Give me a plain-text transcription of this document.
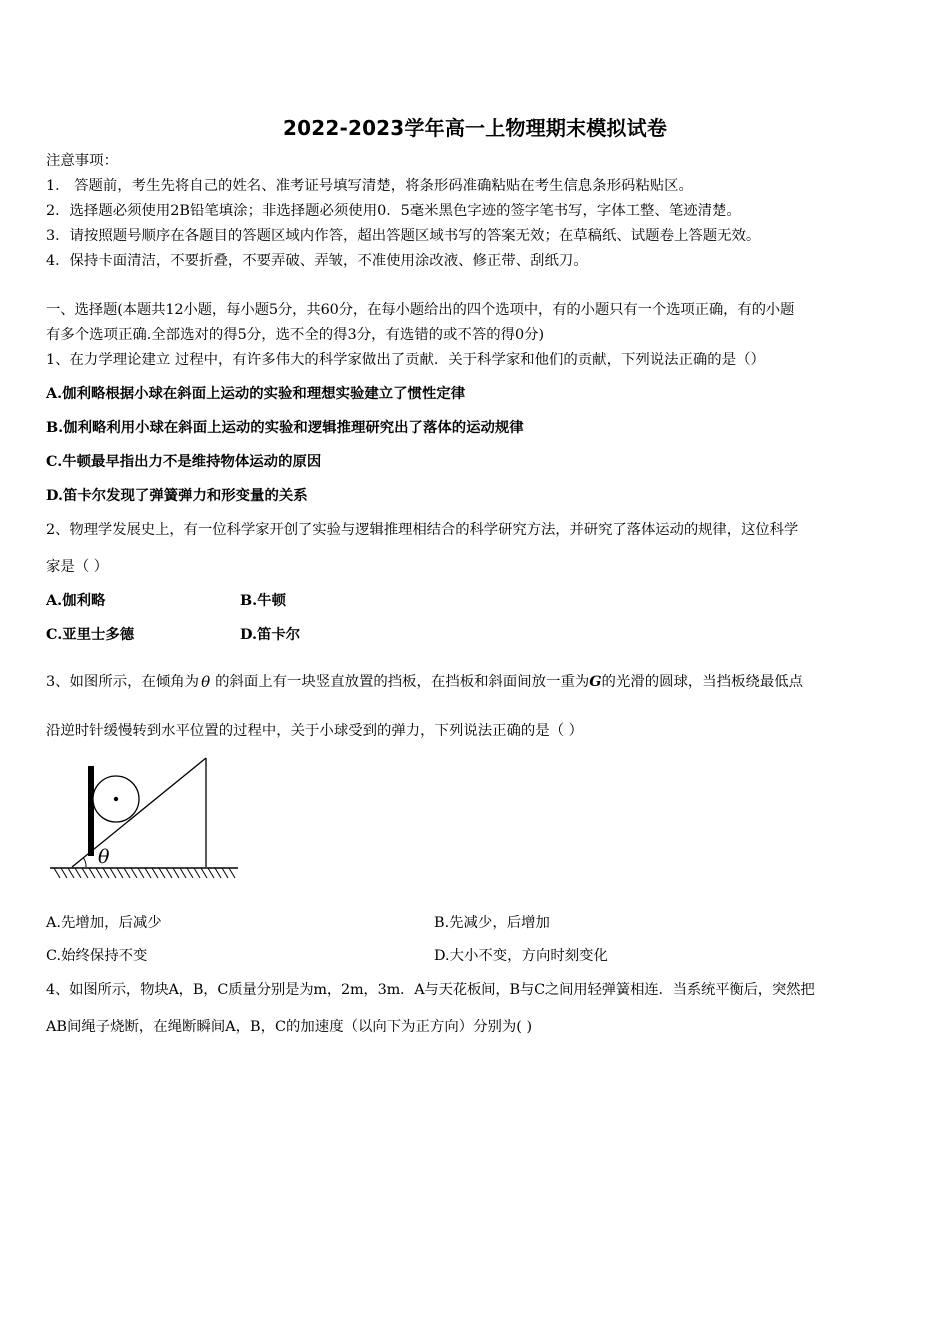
2022-2023学年高一上物理期末模拟试卷
注意事项：
1． 答题前，考生先将自己的姓名、准考证号填写清楚，将条形码准确粘贴在考生信息条形码粘贴区。
2．选择题必须使用2B铅笔填涂；非选择题必须使用0．5毫米黑色字迹的签字笔书写，字体工整、笔迹清楚。
3．请按照题号顺序在各题目的答题区域内作答，超出答题区域书写的答案无效；在草稿纸、试题卷上答题无效。
4．保持卡面清洁，不要折叠，不要弄破、弄皱，不准使用涂改液、修正带、刮纸刀。
一、选择题(本题共12小题，每小题5分，共60分，在每小题给出的四个选项中，有的小题只有一个选项正确，有的小题
有多个选项正确.全部选对的得5分，选不全的得3分，有选错的或不答的得0分)
1、在力学理论建立 过程中，有许多伟大的科学家做出了贡献．关于科学家和他们的贡献，下列说法正确的是（）
A.伽利略根据小球在斜面上运动的实验和理想实验建立了惯性定律
B.伽利略利用小球在斜面上运动的实验和逻辑推理研究出了落体的运动规律
C.牛顿最早指出力不是维持物体运动的原因
D.笛卡尔发现了弹簧弹力和形变量的关系
2、物理学发展史上，有一位科学家开创了实验与逻辑推理相结合的科学研究方法，并研究了落体运动的规律，这位科学
家是（ ）
A.伽利略	B.牛顿
C.亚里士多德	D.笛卡尔
3、如图所示，在倾角为 θ 的斜面上有一块竖直放置的挡板，在挡板和斜面间放一重为G的光滑的圆球，当挡板绕最低点
沿逆时针缓慢转到水平位置的过程中，关于小球受到的弹力，下列说法正确的是（ ）
θ
A.先增加，后减少	B.先减少，后增加
C.始终保持不变	D.大小不变，方向时刻变化
4、如图所示，物块A，B，C质量分别是为m，2m，3m．A与天花板间，B与C之间用轻弹簧相连．当系统平衡后，突然把
AB间绳子烧断，在绳断瞬间A，B，C的加速度（以向下为正方向）分别为( )
